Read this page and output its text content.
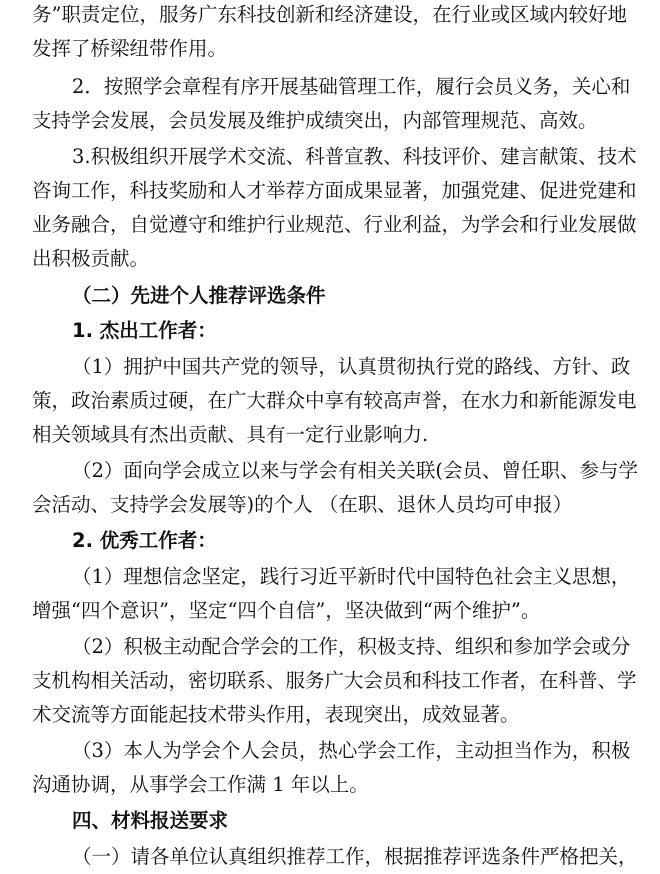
务”职责定位，服务广东科技创新和经济建设，在行业或区域内较好地
发挥了桥梁纽带作用。
2．按照学会章程有序开展基础管理工作，履行会员义务，关心和
支持学会发展，会员发展及维护成绩突出，内部管理规范、高效。
3.积极组织开展学术交流、科普宣教、科技评价、建言献策、技术
咨询工作，科技奖励和人才举荐方面成果显著，加强党建、促进党建和
业务融合，自觉遵守和维护行业规范、行业利益，为学会和行业发展做
出积极贡献。
（二）先进个人推荐评选条件
1. 杰出工作者：
（1）拥护中国共产党的领导，认真贯彻执行党的路线、方针、政
策，政治素质过硬，在广大群众中享有较高声誉，在水力和新能源发电
相关领域具有杰出贡献、具有一定行业影响力.
（2）面向学会成立以来与学会有相关关联(会员、曾任职、参与学
会活动、支持学会发展等)的个人 （在职、退休人员均可申报）
2. 优秀工作者：
（1）理想信念坚定，践行习近平新时代中国特色社会主义思想，
增强“四个意识”，坚定“四个自信”，坚决做到“两个维护”。
（2）积极主动配合学会的工作，积极支持、组织和参加学会或分
支机构相关活动，密切联系、服务广大会员和科技工作者，在科普、学
术交流等方面能起技术带头作用，表现突出，成效显著。
（3）本人为学会个人会员，热心学会工作，主动担当作为，积极
沟通协调，从事学会工作满 1 年以上。
四、材料报送要求
（一）请各单位认真组织推荐工作，根据推荐评选条件严格把关，
